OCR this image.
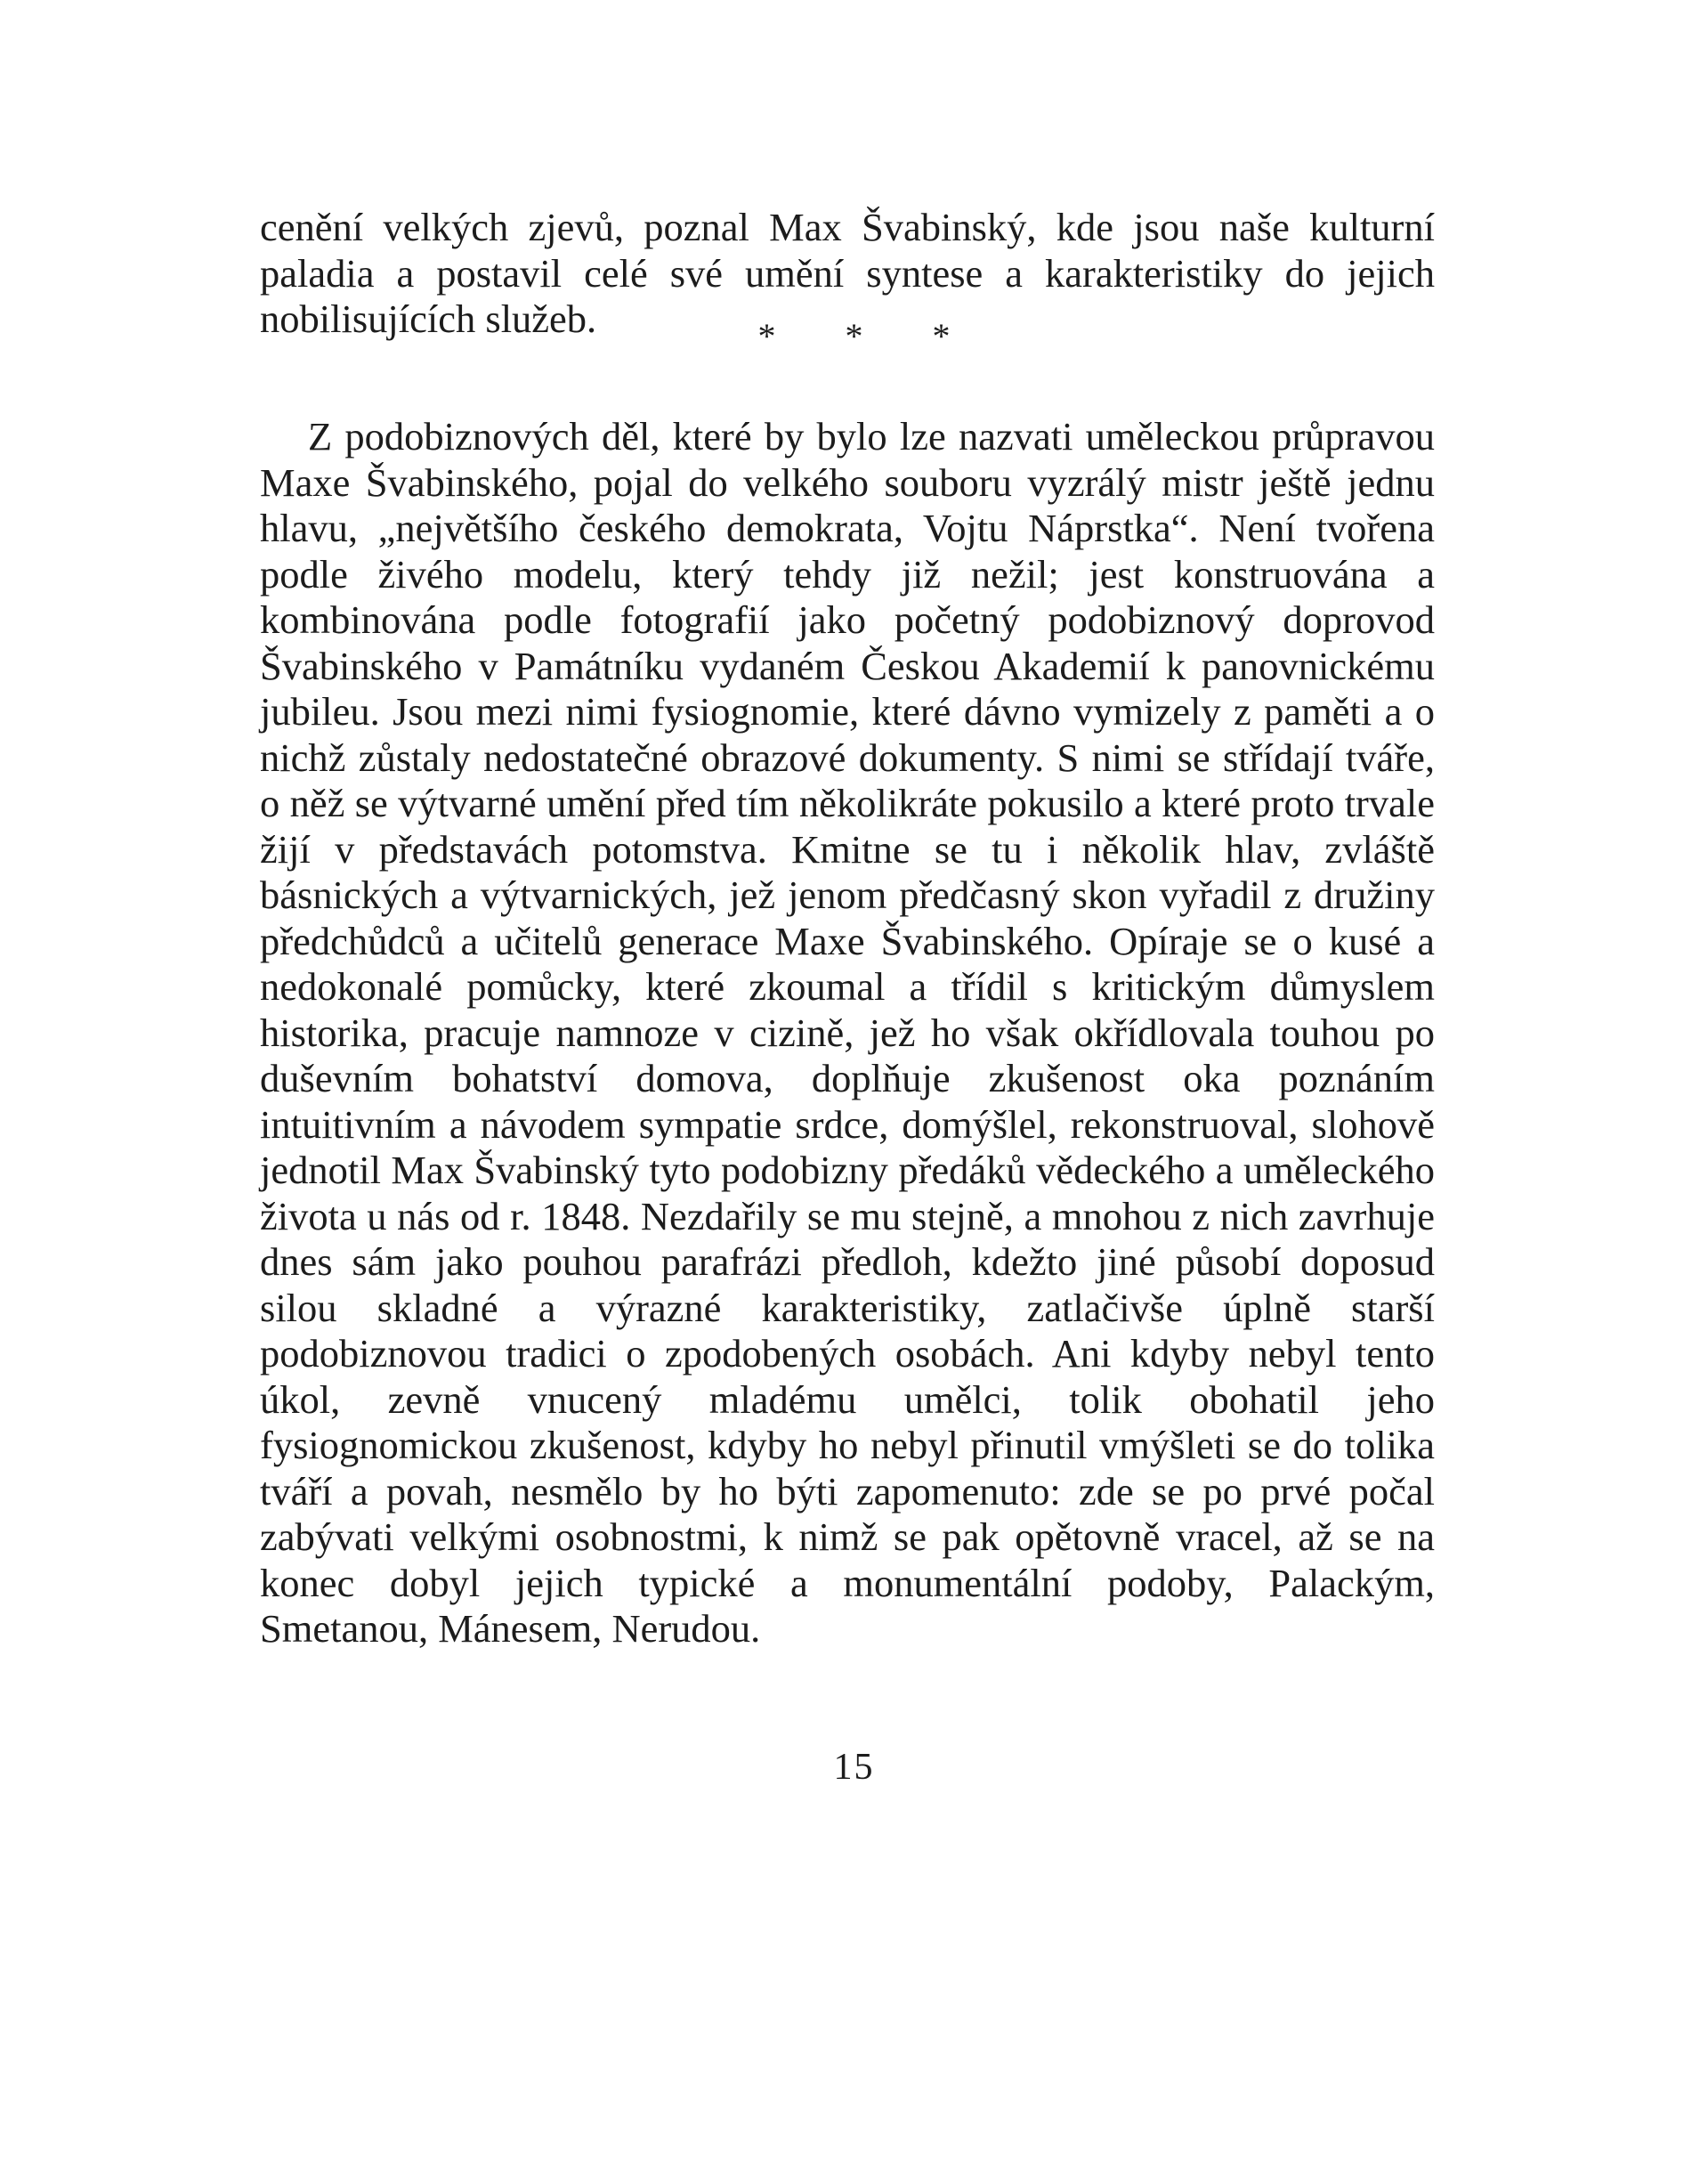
cenění velkých zjevů, poznal Max Švabinský, kde jsou naše kulturní paladia a postavil celé své umění syntese a karakteristiky do jejich nobilisujících služeb.	* * *

Z podobiznových děl, které by bylo lze nazvati uměleckou průpravou Maxe Švabinského, pojal do velkého souboru vyzrálý mistr ještě jednu hlavu, „největšího českého demokrata, Vojtu Náprstka“. Není tvořena podle živého modelu, který tehdy již nežil; jest konstruována a kombinována podle fotografií jako početný podobiznový doprovod Švabinského v Památníku vydaném Českou Akademií k panovnickému jubileu. Jsou mezi nimi fysiognomie, které dávno vymizely z paměti a o nichž zůstaly nedostatečné obrazové dokumenty. S nimi se střídají tváře, o něž se výtvarné umění před tím několikráte pokusilo a které proto trvale žijí v představách potomstva. Kmitne se tu i několik hlav, zvláště básnických a výtvarnických, jež jenom předčasný skon vyřadil z družiny předchůdců a učitelů generace Maxe Švabinského. Opíraje se o kusé a nedokonalé pomůcky, které zkoumal a třídil s kritickým důmyslem historika, pracuje namnoze v cizině, jež ho však okřídlovala touhou po duševním bohatství domova, doplňuje zkušenost oka poznáním intuitivním a návodem sympatie srdce, domýšlel, rekonstruoval, slohově jednotil Max Švabinský tyto podobizny předáků vědeckého a uměleckého života u nás od r. 1848. Nezdařily se mu stejně, a mnohou z nich zavrhuje dnes sám jako pouhou parafrázi předloh, kdežto jiné působí doposud silou skladné a výrazné karakteristiky, zatlačivše úplně starší podobiznovou tradici o zpodobených osobách. Ani kdyby nebyl tento úkol, zevně vnucený mladému umělci, tolik obohatil jeho fysiognomickou zkušenost, kdyby ho nebyl přinutil vmýšleti se do tolika tváří a povah, nesmělo by ho býti zapomenuto: zde se po prvé počal zabývati velkými osobnostmi, k nimž se pak opětovně vracel, až se na konec dobyl jejich typické a monumentální podoby, Palackým, Smetanou, Mánesem, Nerudou.

15
